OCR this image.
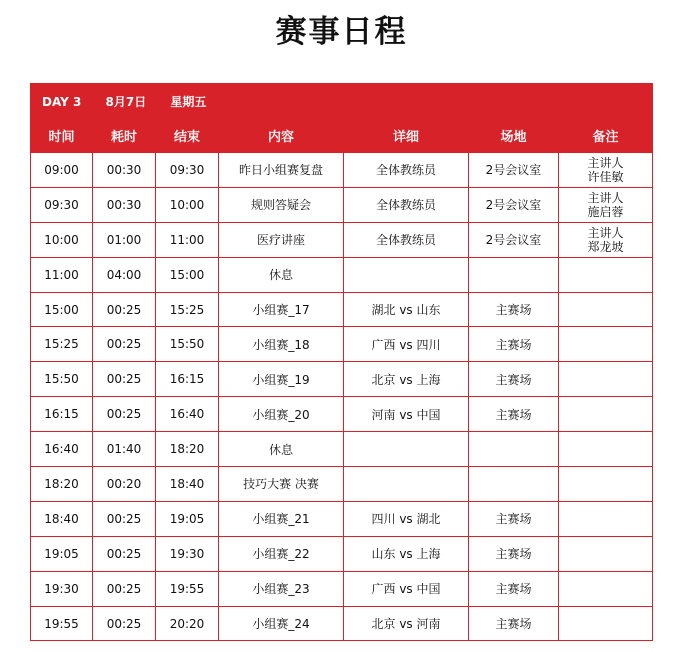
赛事日程
DAY 3 8月7日 星期五						
时间	耗时	结束	内容	详细	场地	备注
09:00	00:30	09:30	昨日小组赛复盘	全体教练员	2号会议室	主讲人
许佳敏

09:30	00:30	10:00	规则答疑会	全体教练员	2号会议室	主讲人
施启蓉

10:00	01:00	11:00	医疗讲座	全体教练员	2号会议室	主讲人
郑龙坡

11:00	04:00	15:00	休息			

15:00	00:25	15:25	小组赛_17	湖北 vs 山东	主赛场	

15:25	00:25	15:50	小组赛_18	广西 vs 四川	主赛场	

15:50	00:25	16:15	小组赛_19	北京 vs 上海	主赛场	

16:15	00:25	16:40	小组赛_20	河南 vs 中国	主赛场	

16:40	01:40	18:20	休息			

18:20	00:20	18:40	技巧大赛 决赛			

18:40	00:25	19:05	小组赛_21	四川 vs 湖北	主赛场	

19:05	00:25	19:30	小组赛_22	山东 vs 上海	主赛场	

19:30	00:25	19:55	小组赛_23	广西 vs 中国	主赛场	

19:55	00:25	20:20	小组赛_24	北京 vs 河南	主赛场	
